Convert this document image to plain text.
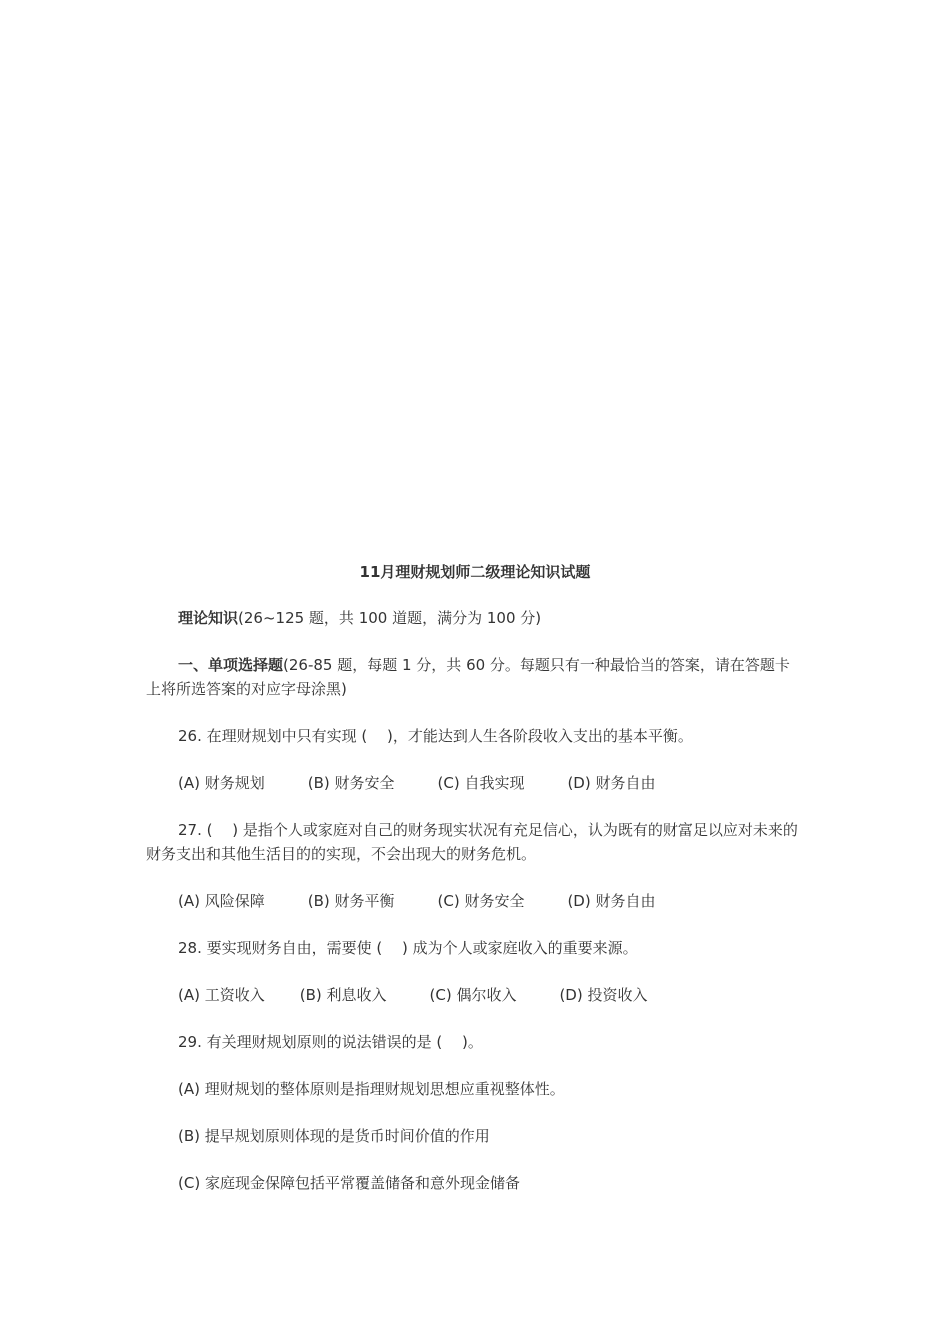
11月理财规划师二级理论知识试题

理论知识(26~125 题，共 100 道题，满分为 100 分)

一、单项选择题(26-85 题，每题 1 分，共 60 分。每题只有一种最恰当的答案，请在答题卡上将所选答案的对应字母涂黑)

26. 在理财规划中只有实现 (　 )，才能达到人生各阶段收入支出的基本平衡。

(A) 财务规划	(B) 财务安全	(C) 自我实现	(D) 财务自由

27. (　 ) 是指个人或家庭对自己的财务现实状况有充足信心，认为既有的财富足以应对未来的财务支出和其他生活目的的实现，不会出现大的财务危机。

(A) 风险保障	(B) 财务平衡	(C) 财务安全	(D) 财务自由

28. 要实现财务自由，需要使 (　 ) 成为个人或家庭收入的重要来源。

(A) 工资收入 (B) 利息收入	(C) 偶尔收入	(D) 投资收入

29. 有关理财规划原则的说法错误的是 (　 )。

(A) 理财规划的整体原则是指理财规划思想应重视整体性。
(B) 提早规划原则体现的是货币时间价值的作用
(C) 家庭现金保障包括平常覆盖储备和意外现金储备
